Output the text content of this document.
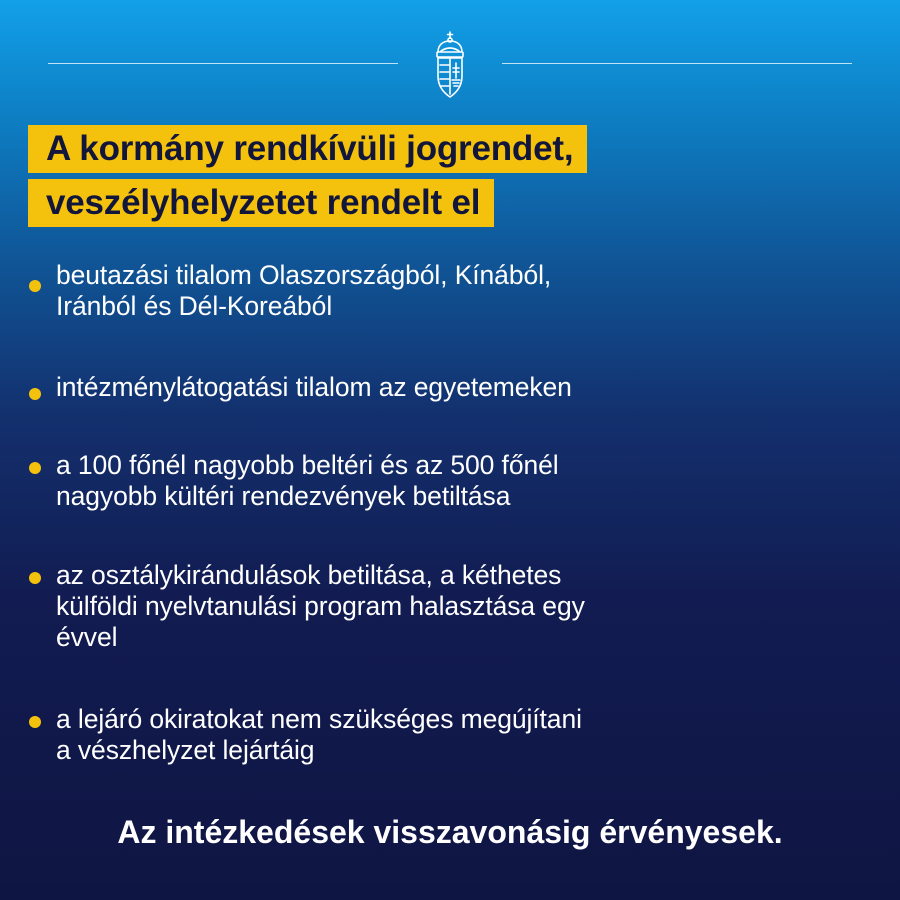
A kormány rendkívüli jogrendet,
veszélyhelyzetet rendelt el
beutazási tilalom Olaszországból, Kínából,
Iránból és Dél-Koreából
intézménylátogatási tilalom az egyetemeken
a 100 főnél nagyobb beltéri és az 500 főnél
nagyobb kültéri rendezvények betiltása
az osztálykirándulások betiltása, a kéthetes
külföldi nyelvtanulási program halasztása egy
évvel
a lejáró okiratokat nem szükséges megújítani
a vészhelyzet lejártáig
Az intézkedések visszavonásig érvényesek.
